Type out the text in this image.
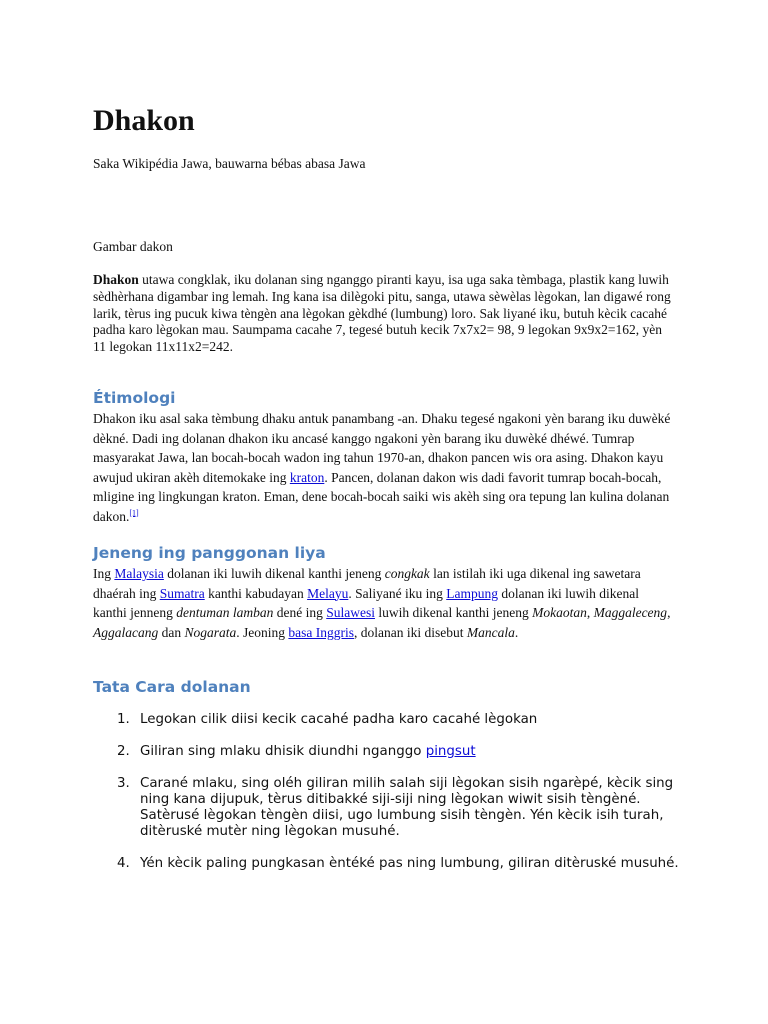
Dhakon

Saka Wikipédia Jawa, bauwarna bébas abasa Jawa

Gambar dakon

Dhakon utawa congklak, iku dolanan sing nganggo piranti kayu, isa uga saka tèmbaga, plastik kang luwih sèdhèrhana digambar ing lemah. Ing kana isa dilègoki pitu, sanga, utawa sèwèlas lègokan, lan digawé rong larik, tèrus ing pucuk kiwa tèngèn ana lègokan gèkdhé (lumbung) loro. Sak liyané iku, butuh kècik cacahé padha karo lègokan mau. Saumpama cacahe 7, tegesé butuh kecik 7x7x2= 98, 9 legokan 9x9x2=162, yèn 11 legokan 11x11x2=242.

Étimologi

Dhakon iku asal saka tèmbung dhaku antuk panambang -an. Dhaku tegesé ngakoni yèn barang iku duwèké dèkné. Dadi ing dolanan dhakon iku ancasé kanggo ngakoni yèn barang iku duwèké dhéwé. Tumrap masyarakat Jawa, lan bocah-bocah wadon ing tahun 1970-an, dhakon pancen wis ora asing. Dhakon kayu awujud ukiran akèh ditemokake ing kraton. Pancen, dolanan dakon wis dadi favorit tumrap bocah-bocah, mligine ing lingkungan kraton. Eman, dene bocah-bocah saiki wis akèh sing ora tepung lan kulina dolanan dakon.[1]

Jeneng ing panggonan liya

Ing Malaysia dolanan iki luwih dikenal kanthi jeneng congkak lan istilah iki uga dikenal ing sawetara dhaérah ing Sumatra kanthi kabudayan Melayu. Saliyané iku ing Lampung dolanan iki luwih dikenal kanthi jenneng dentuman lamban dené ing Sulawesi luwih dikenal kanthi jeneng Mokaotan, Maggaleceng, Aggalacang dan Nogarata. Jeoning basa Inggris, dolanan iki disebut Mancala.

Tata Cara dolanan
1. Legokan cilik diisi kecik cacahé padha karo cacahé lègokan
2. Giliran sing mlaku dhisik diundhi nganggo pingsut
3. Carané mlaku, sing oléh giliran milih salah siji lègokan sisih ngarèpé, kècik sing ning kana dijupuk, tèrus ditibakké siji-siji ning lègokan wiwit sisih tèngèné. Satèrusé lègokan tèngèn diisi, ugo lumbung sisih tèngèn. Yén kècik isih turah, ditèruské mutèr ning lègokan musuhé.
4. Yén kècik paling pungkasan èntéké pas ning lumbung, giliran ditèruské musuhé.
